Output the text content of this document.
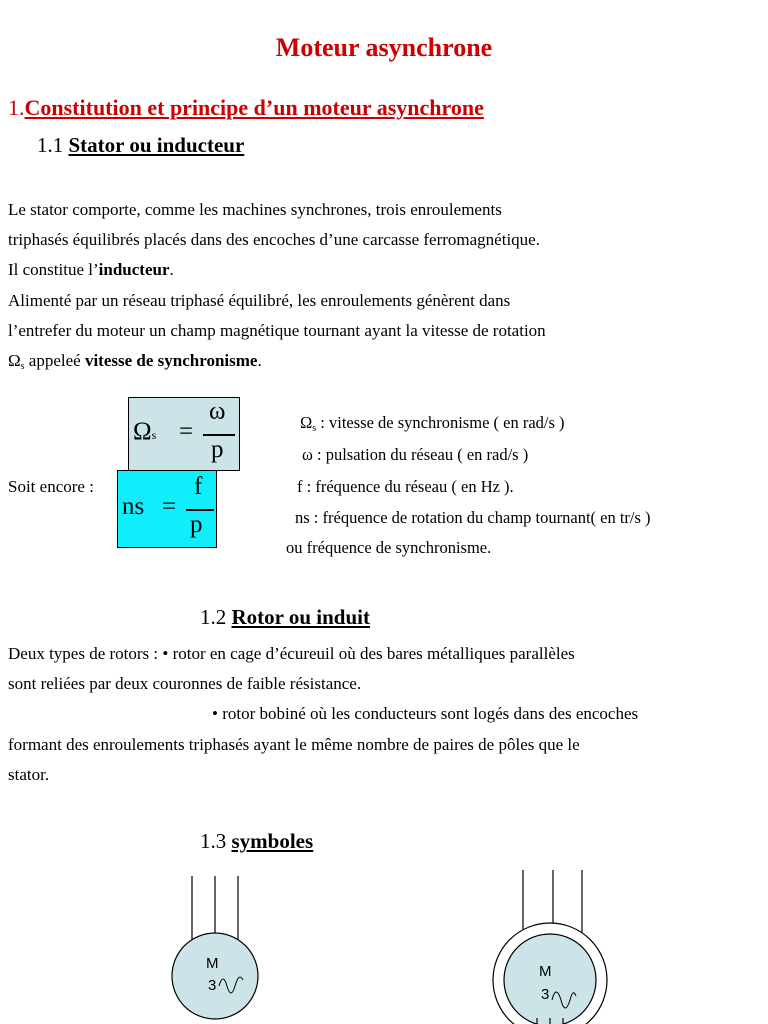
Moteur asynchrone
1.Constitution et principe d’un moteur asynchrone
1.1 Stator ou inducteur

Le stator comporte, comme les machines synchrones, trois enroulements

triphasés équilibrés placés dans des encoches d’une carcasse ferromagnétique.

Il constitue l’inducteur.

Alimenté par un réseau triphasé équilibré, les enroulements génèrent dans

l’entrefer du moteur un champ magnétique tournant ayant la vitesse de rotation

$\Omega_s$ appeleé vitesse de synchronisme.

Ωs =
ω
p
Soit encore :
ns =
f
p
$\Omega_s$ : vitesse de synchronisme ( en rad/s )
ω : pulsation du réseau ( en rad/s )
f : fréquence du réseau ( en Hz ).
ns : fréquence de rotation du champ tournant( en tr/s )
ou fréquence de synchronisme.
1.2 Rotor ou induit

Deux types de rotors : • rotor en cage d’écureuil où des bares métalliques parallèles

sont reliées par deux couronnes de faible résistance.

• rotor bobiné où les conducteurs sont logés dans des encoches

formant des enroulements triphasés ayant le même nombre de paires de pôles que le

stator.

1.3 symboles
M
3
M
3
